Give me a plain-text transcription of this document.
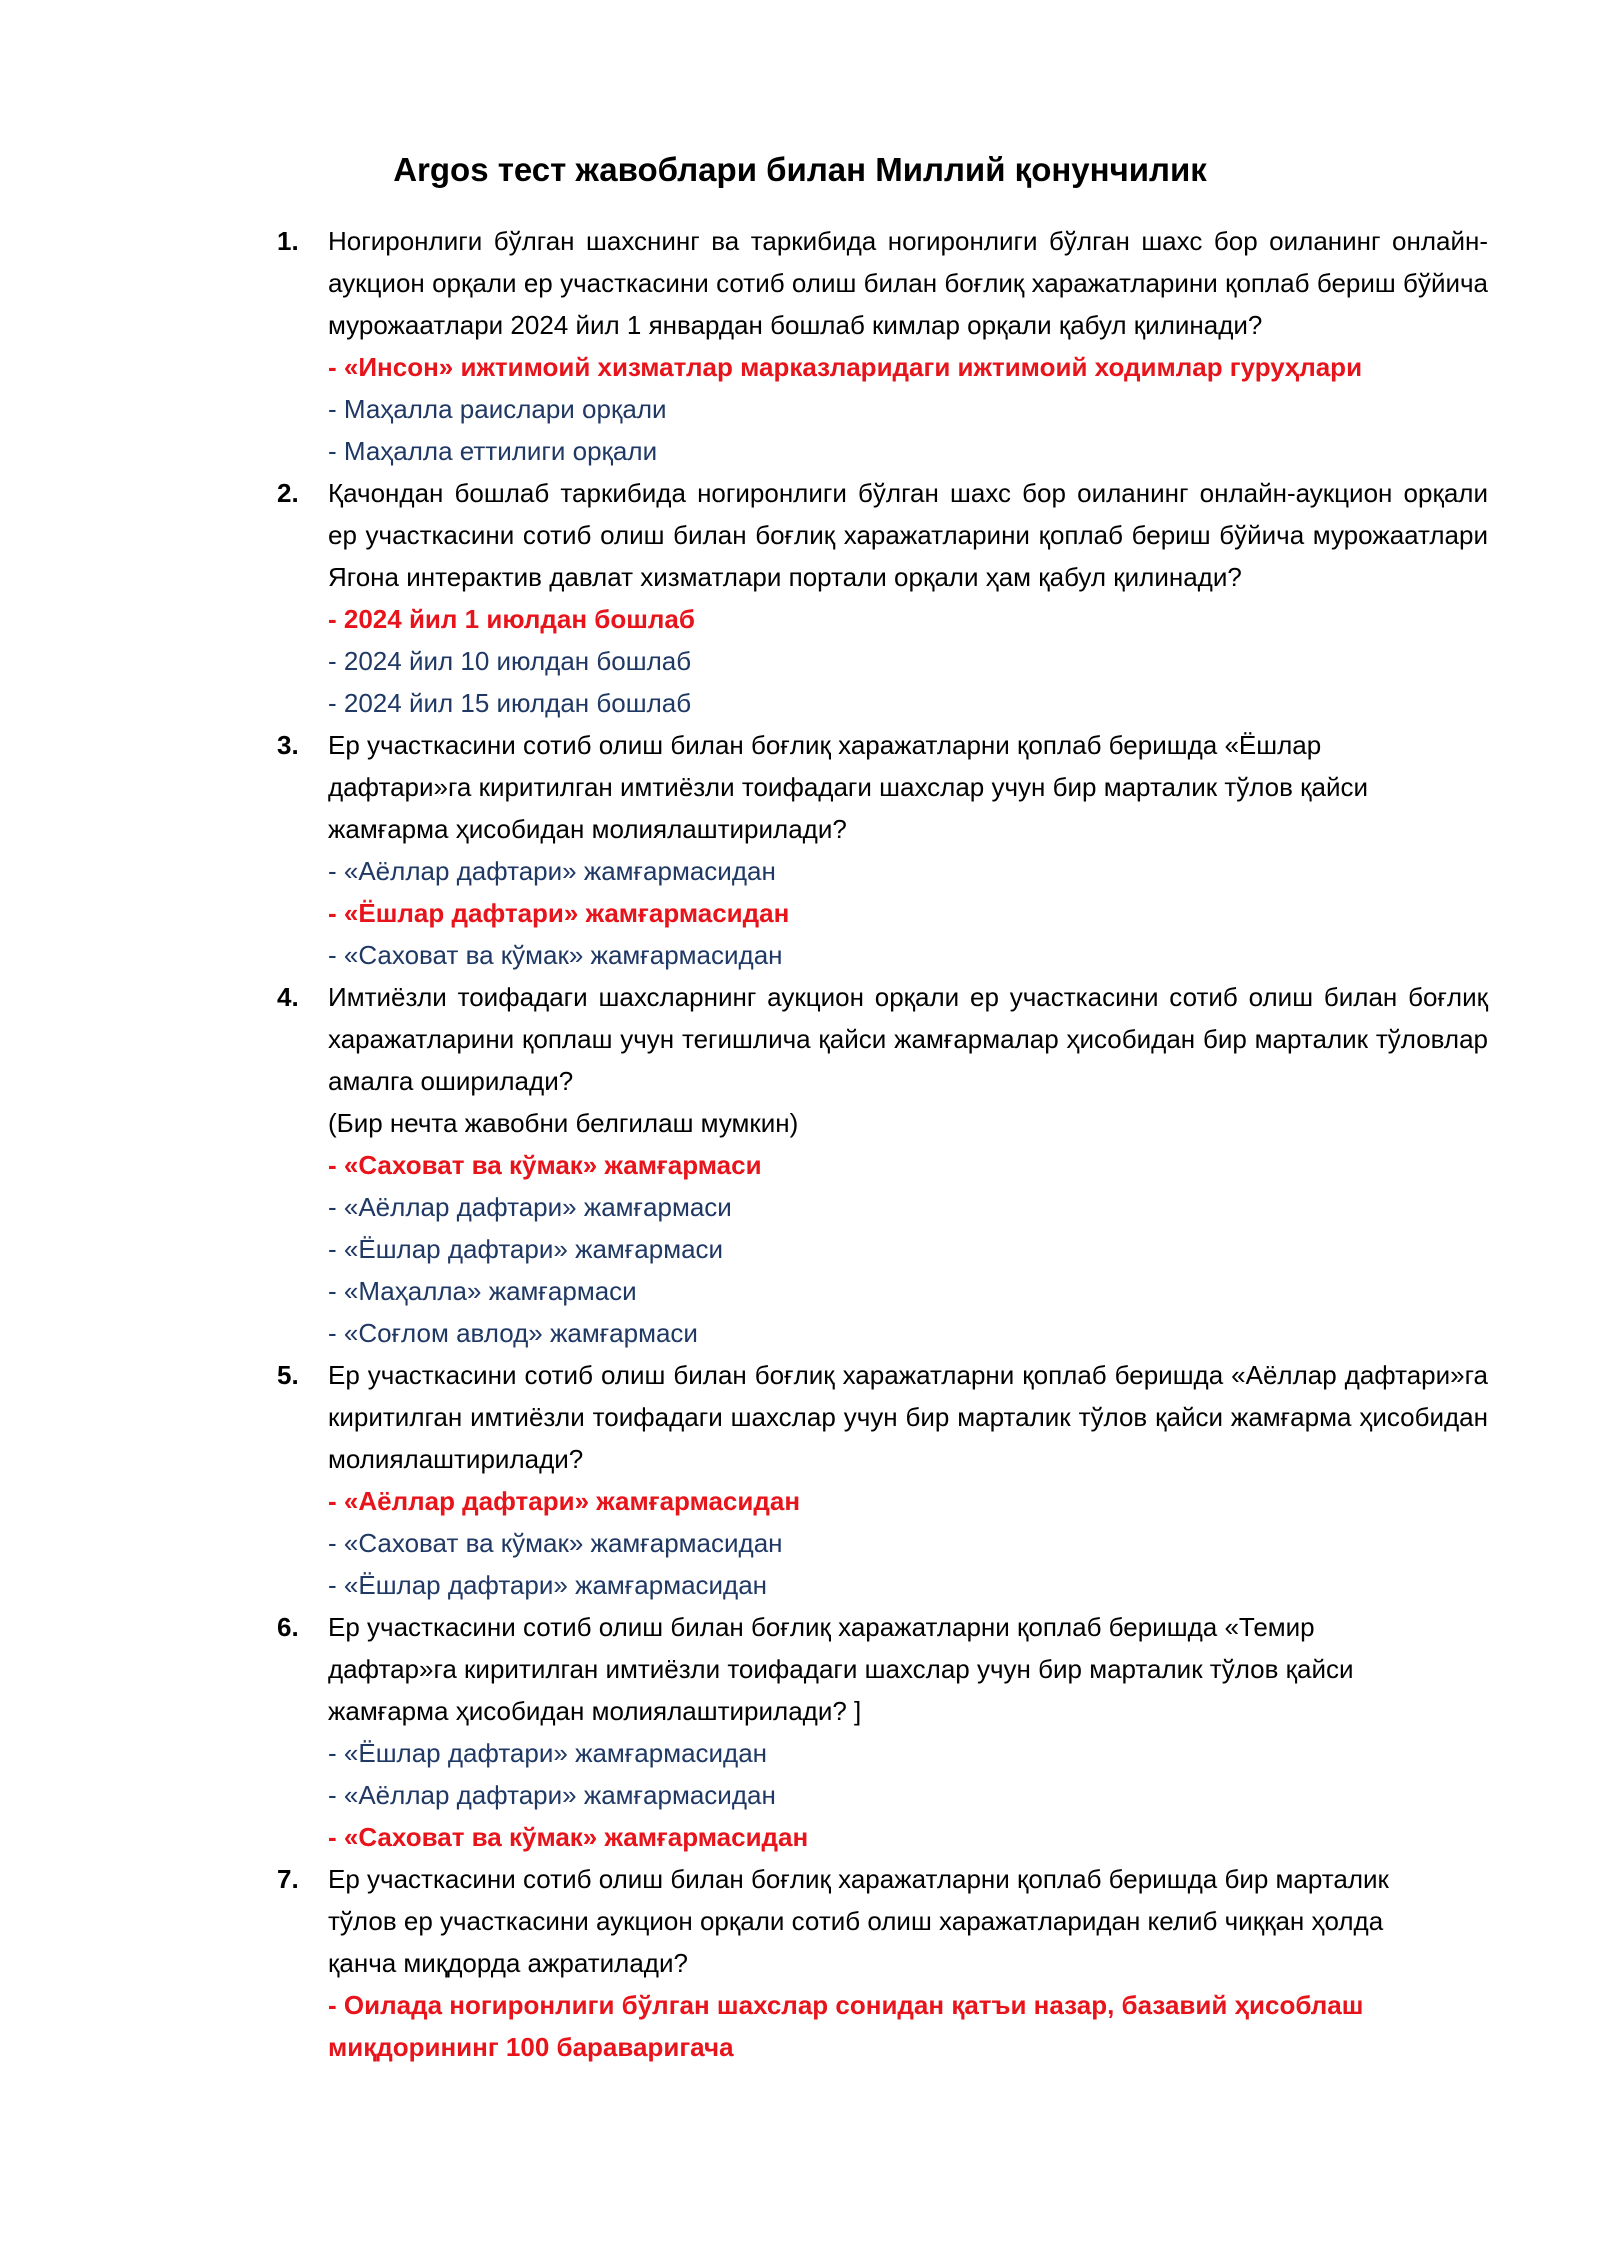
Argos тест жавоблари билан Миллий қонунчилик
1. Ногиронлиги бўлган шахснинг ва таркибида ногиронлиги бўлган шахс бор оиланинг онлайн-аукцион орқали ер участкасини сотиб олиш билан боғлиқ харажатларини қоплаб бериш бўйича мурожаатлари 2024 йил 1 январдан бошлаб кимлар орқали қабул қилинади?

- «Инсон» ижтимоий хизматлар марказларидаги ижтимоий ходимлар гуруҳлари
- Маҳалла раислари орқали
- Маҳалла еттилиги орқали
2. Қачондан бошлаб таркибида ногиронлиги бўлган шахс бор оиланинг онлайн-аукцион орқали ер участкасини сотиб олиш билан боғлиқ харажатларини қоплаб бериш бўйича мурожаатлари Ягона интерактив давлат хизматлари портали орқали ҳам қабул қилинади?

- 2024 йил 1 июлдан бошлаб
- 2024 йил 10 июлдан бошлаб
- 2024 йил 15 июлдан бошлаб
3. Ер участкасини сотиб олиш билан боғлиқ харажатларни қоплаб беришда «Ёшлар
дафтари»га киритилган имтиёзли тоифадаги шахслар учун бир марталик тўлов қайси
жамғарма ҳисобидан молиялаштирилади?
- «Аёллар дафтари» жамғармасидан
- «Ёшлар дафтари» жамғармасидан
- «Саховат ва кўмак» жамғармасидан
4. Имтиёзли тоифадаги шахсларнинг аукцион орқали ер участкасини сотиб олиш билан боғлиқ харажатларини қоплаш учун тегишлича қайси жамғармалар ҳисобидан бир марталик тўловлар амалга оширилади?

(Бир нечта жавобни белгилаш мумкин)

- «Саховат ва кўмак» жамғармаси
- «Аёллар дафтари» жамғармаси
- «Ёшлар дафтари» жамғармаси
- «Маҳалла» жамғармаси
- «Соғлом авлод» жамғармаси
5. Ер участкасини сотиб олиш билан боғлиқ харажатларни қоплаб беришда «Аёллар дафтари»га киритилган имтиёзли тоифадаги шахслар учун бир марталик тўлов қайси жамғарма ҳисобидан молиялаштирилади?

- «Аёллар дафтари» жамғармасидан
- «Саховат ва кўмак» жамғармасидан
- «Ёшлар дафтари» жамғармасидан
6. Ер участкасини сотиб олиш билан боғлиқ харажатларни қоплаб беришда «Темир
дафтар»га киритилган имтиёзли тоифадаги шахслар учун бир марталик тўлов қайси
жамғарма ҳисобидан молиялаштирилади? ]
- «Ёшлар дафтари» жамғармасидан
- «Аёллар дафтари» жамғармасидан
- «Саховат ва кўмак» жамғармасидан
7. Ер участкасини сотиб олиш билан боғлиқ харажатларни қоплаб беришда бир марталик
тўлов ер участкасини аукцион орқали сотиб олиш харажатларидан келиб чиққан ҳолда
қанча миқдорда ажратилади?
- Оилада ногиронлиги бўлган шахслар сонидан қатъи назар, базавий ҳисоблаш
миқдорининг 100 бараваригача
